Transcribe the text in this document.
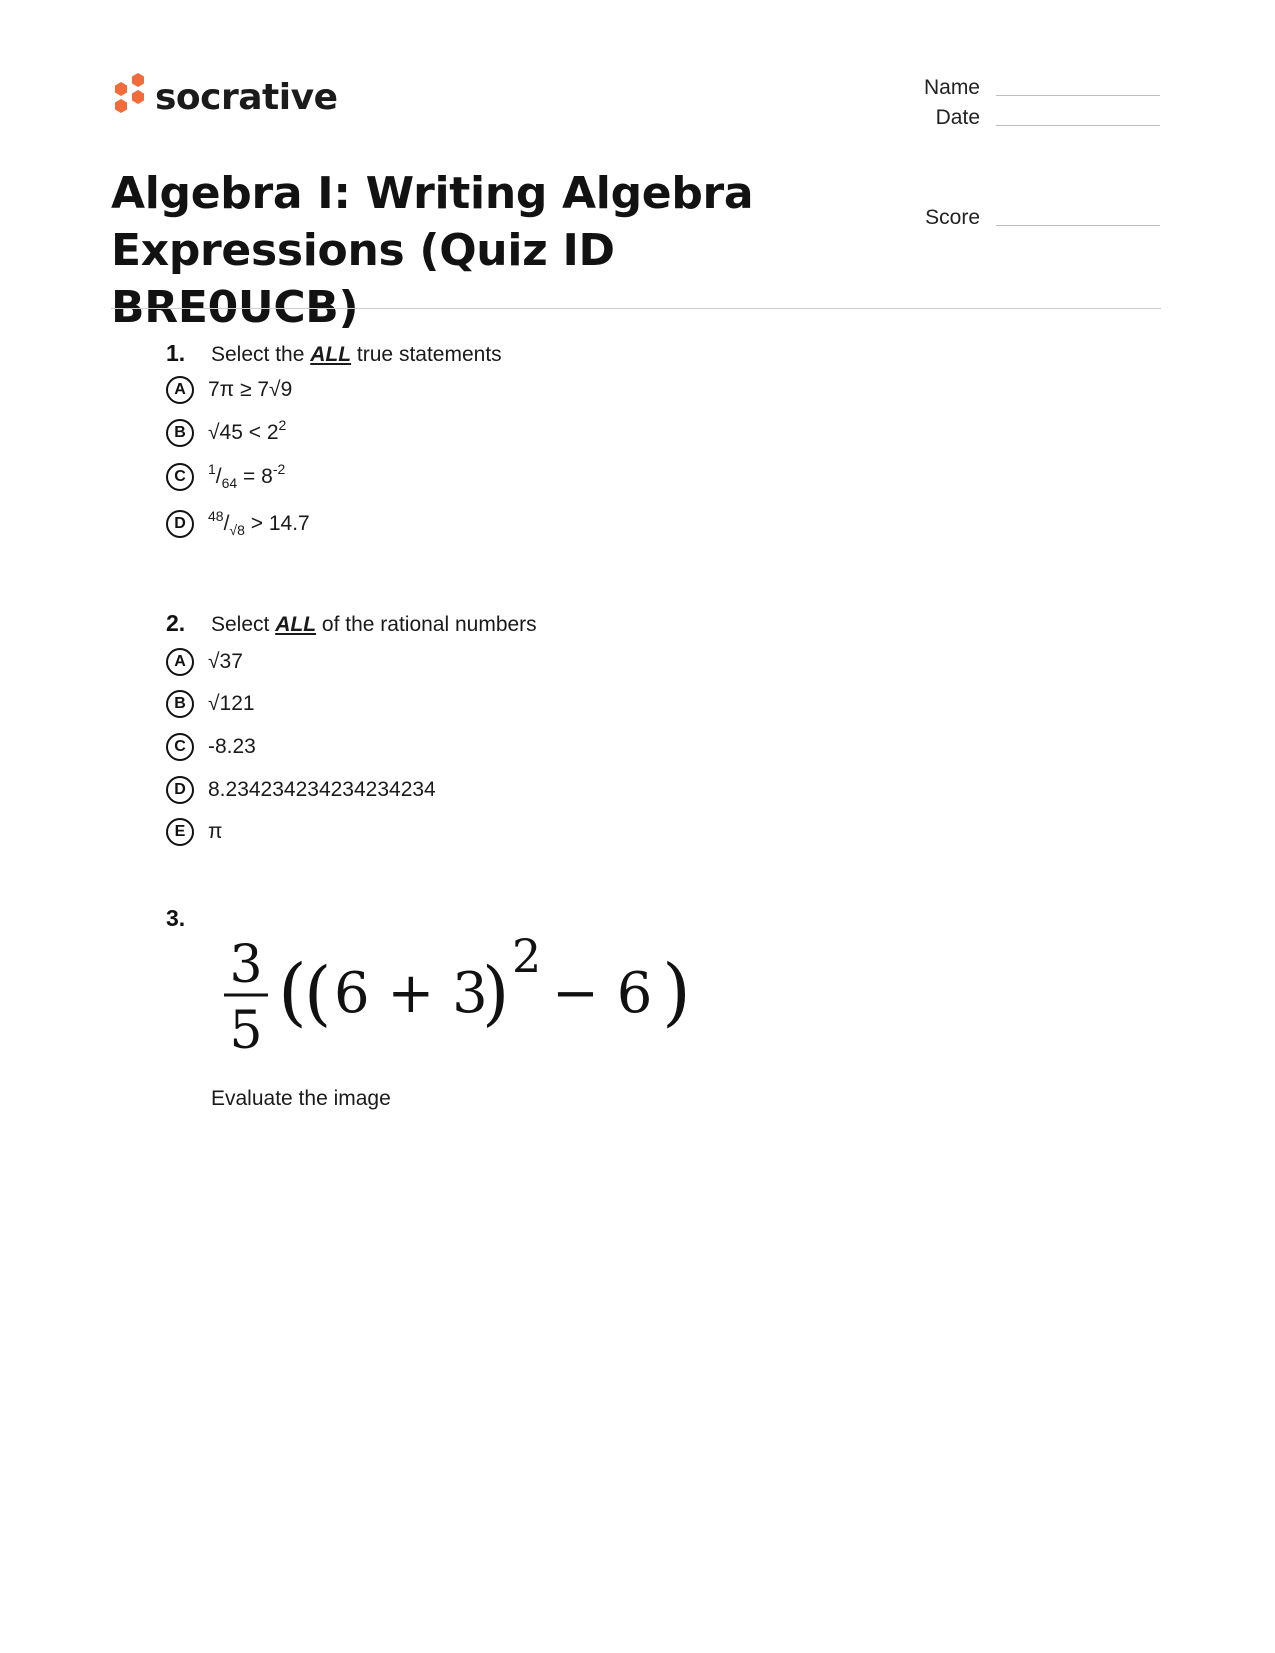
socrative	Name
Date
Score
Algebra I: Writing Algebra Expressions (Quiz ID BRE0UCB)
1.	Select the ALL true statements
A	7π ≥ 7√9
B	$√45 < 2^2$
C	$^1/_{64} = 8^{-2}$
D	$^{48}/_{√8} > 14.7$
2.	Select ALL of the rational numbers
A	√37
B	√121
C	-8.23
D	8.234234234234234234
E	π
3.
3
5 (
( 6 + 3
) 2
− 6 )
Evaluate the image
